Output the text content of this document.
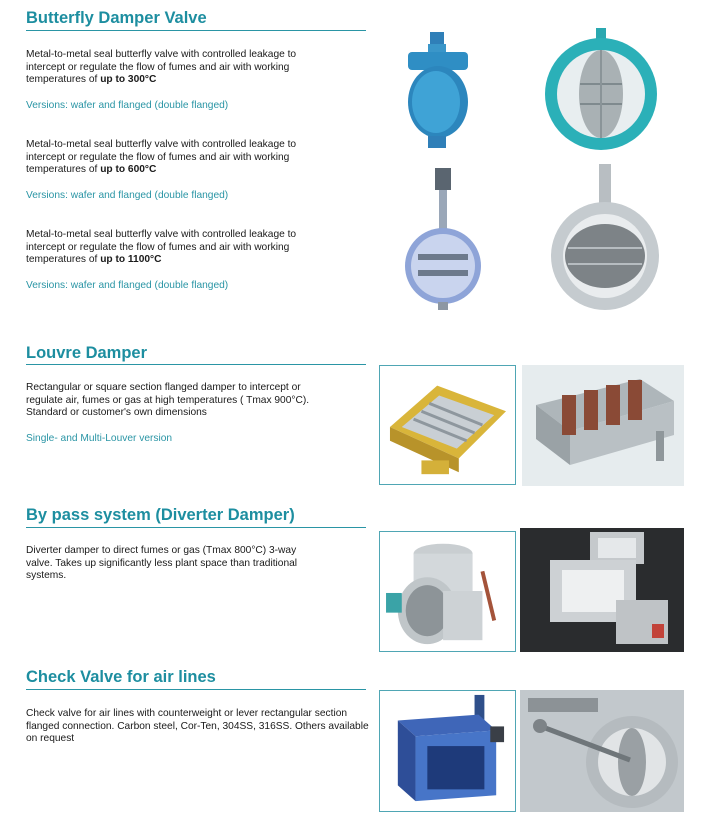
Butterfly Damper Valve
Metal-to-metal seal butterfly valve with controlled leakage to intercept or regulate the flow of fumes and air with working temperatures of up to 300°C
Versions: wafer and flanged (double flanged)
Metal-to-metal seal butterfly valve with controlled leakage to intercept or regulate the flow of fumes and air with working temperatures of up to 600°C
Versions: wafer and flanged (double flanged)
Metal-to-metal seal butterfly valve with controlled leakage to intercept or regulate the flow of fumes and air with working temperatures of up to 1100°C
Versions: wafer and flanged (double flanged)
Louvre Damper
Rectangular or square section flanged damper to intercept or regulate air, fumes or gas at high temperatures ( Tmax 900°C). Standard or customer's own dimensions
Single- and Multi-Louver version
By pass system (Diverter Damper)
Diverter damper to direct fumes or gas (Tmax 800°C) 3-way valve. Takes up significantly less plant space than traditional systems.
Check Valve for air lines
Check valve for air lines with counterweight or lever rectangular section flanged connection. Carbon steel, Cor-Ten, 304SS, 316SS. Others available on request
